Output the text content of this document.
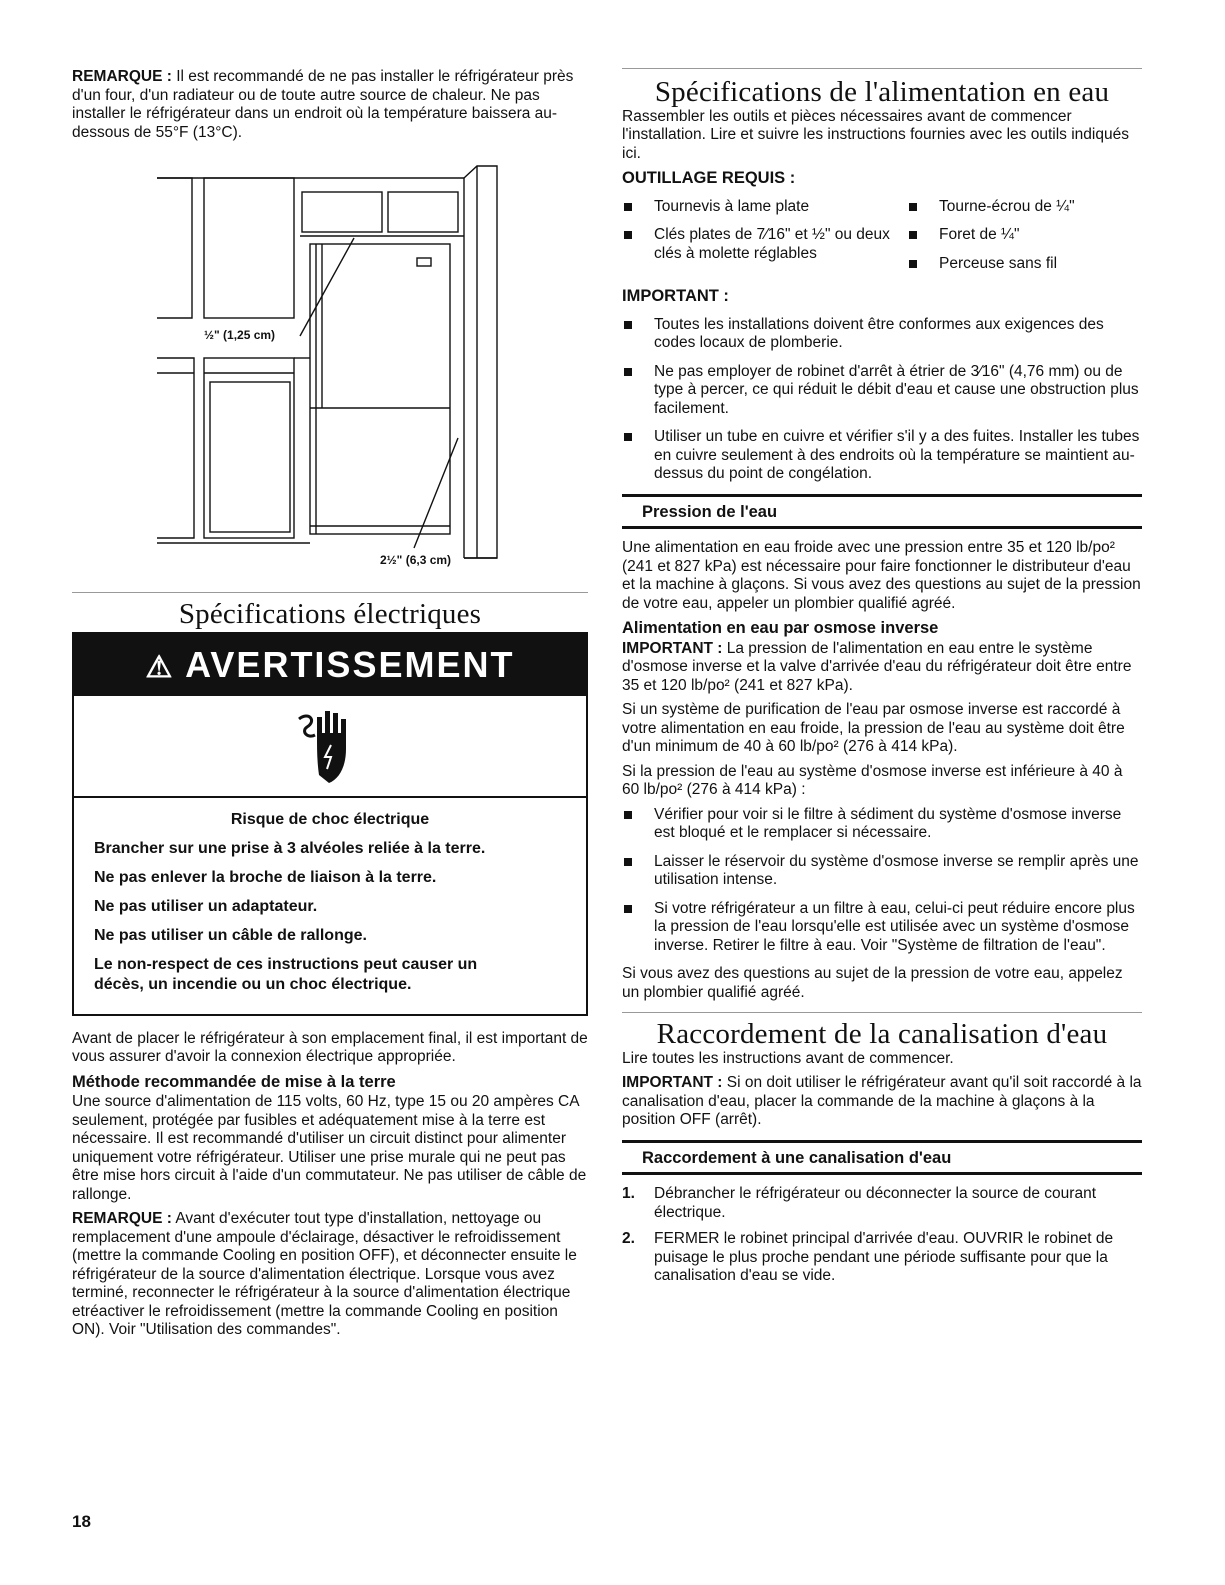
REMARQUE : Il est recommandé de ne pas installer le réfrigérateur près d'un four, d'un radiateur ou de toute autre source de chaleur. Ne pas installer le réfrigérateur dans un endroit où la température baissera au-dessous de 55°F (13°C).

½" (1,25 cm)
2½" (6,3 cm)
Spécifications électriques
⚠ AVERTISSEMENT
Risque de choc électrique
Brancher sur une prise à 3 alvéoles reliée à la terre.
Ne pas enlever la broche de liaison à la terre.
Ne pas utiliser un adaptateur.
Ne pas utiliser un câble de rallonge.
Le non-respect de ces instructions peut causer un décès, un incendie ou un choc électrique.

Avant de placer le réfrigérateur à son emplacement final, il est important de vous assurer d'avoir la connexion électrique appropriée.

Méthode recommandée de mise à la terre

Une source d'alimentation de 115 volts, 60 Hz, type 15 ou 20 ampères CA seulement, protégée par fusibles et adéquatement mise à la terre est nécessaire. Il est recommandé d'utiliser un circuit distinct pour alimenter uniquement votre réfrigérateur. Utiliser une prise murale qui ne peut pas être mise hors circuit à l'aide d'un commutateur. Ne pas utiliser de câble de rallonge.

REMARQUE : Avant d'exécuter tout type d'installation, nettoyage ou remplacement d'une ampoule d'éclairage, désactiver le refroidissement (mettre la commande Cooling en position OFF), et déconnecter ensuite le réfrigérateur de la source d'alimentation électrique. Lorsque vous avez terminé, reconnecter le réfrigérateur à la source d'alimentation électrique etréactiver le refroidissement (mettre la commande Cooling en position ON). Voir "Utilisation des commandes".

Spécifications de l'alimentation en eau

Rassembler les outils et pièces nécessaires avant de commencer l'installation. Lire et suivre les instructions fournies avec les outils indiqués ici.

OUTILLAGE REQUIS :
Tournevis à lame plate
Clés plates de 7⁄16" et ½" ou deux clés à molette réglables
Tourne-écrou de ¼"
Foret de ¼"
Perceuse sans fil
IMPORTANT :
Toutes les installations doivent être conformes aux exigences des codes locaux de plomberie.
Ne pas employer de robinet d'arrêt à étrier de 3⁄16" (4,76 mm) ou de type à percer, ce qui réduit le débit d'eau et cause une obstruction plus facilement.
Utiliser un tube en cuivre et vérifier s'il y a des fuites. Installer les tubes en cuivre seulement à des endroits où la température se maintient au-dessus du point de congélation.
Pression de l'eau

Une alimentation en eau froide avec une pression entre 35 et 120 lb/po² (241 et 827 kPa) est nécessaire pour faire fonctionner le distributeur d'eau et la machine à glaçons. Si vous avez des questions au sujet de la pression de votre eau, appeler un plombier qualifié agréé.

Alimentation en eau par osmose inverse

IMPORTANT : La pression de l'alimentation en eau entre le système d'osmose inverse et la valve d'arrivée d'eau du réfrigérateur doit être entre 35 et 120 lb/po² (241 et 827 kPa).

Si un système de purification de l'eau par osmose inverse est raccordé à votre alimentation en eau froide, la pression de l'eau au système doit être d'un minimum de 40 à 60 lb/po² (276 à 414 kPa).

Si la pression de l'eau au système d'osmose inverse est inférieure à 40 à 60 lb/po² (276 à 414 kPa) :

Vérifier pour voir si le filtre à sédiment du système d'osmose inverse est bloqué et le remplacer si nécessaire.
Laisser le réservoir du système d'osmose inverse se remplir après une utilisation intense.
Si votre réfrigérateur a un filtre à eau, celui-ci peut réduire encore plus la pression de l'eau lorsqu'elle est utilisée avec un système d'osmose inverse. Retirer le filtre à eau. Voir "Système de filtration de l'eau".

Si vous avez des questions au sujet de la pression de votre eau, appelez un plombier qualifié agréé.

Raccordement de la canalisation d'eau

Lire toutes les instructions avant de commencer.

IMPORTANT : Si on doit utiliser le réfrigérateur avant qu'il soit raccordé à la canalisation d'eau, placer la commande de la machine à glaçons à la position OFF (arrêt).

Raccordement à une canalisation d'eau
1. Débrancher le réfrigérateur ou déconnecter la source de courant électrique.
2. FERMER le robinet principal d'arrivée d'eau. OUVRIR le robinet de puisage le plus proche pendant une période suffisante pour que la canalisation d'eau se vide.
18
